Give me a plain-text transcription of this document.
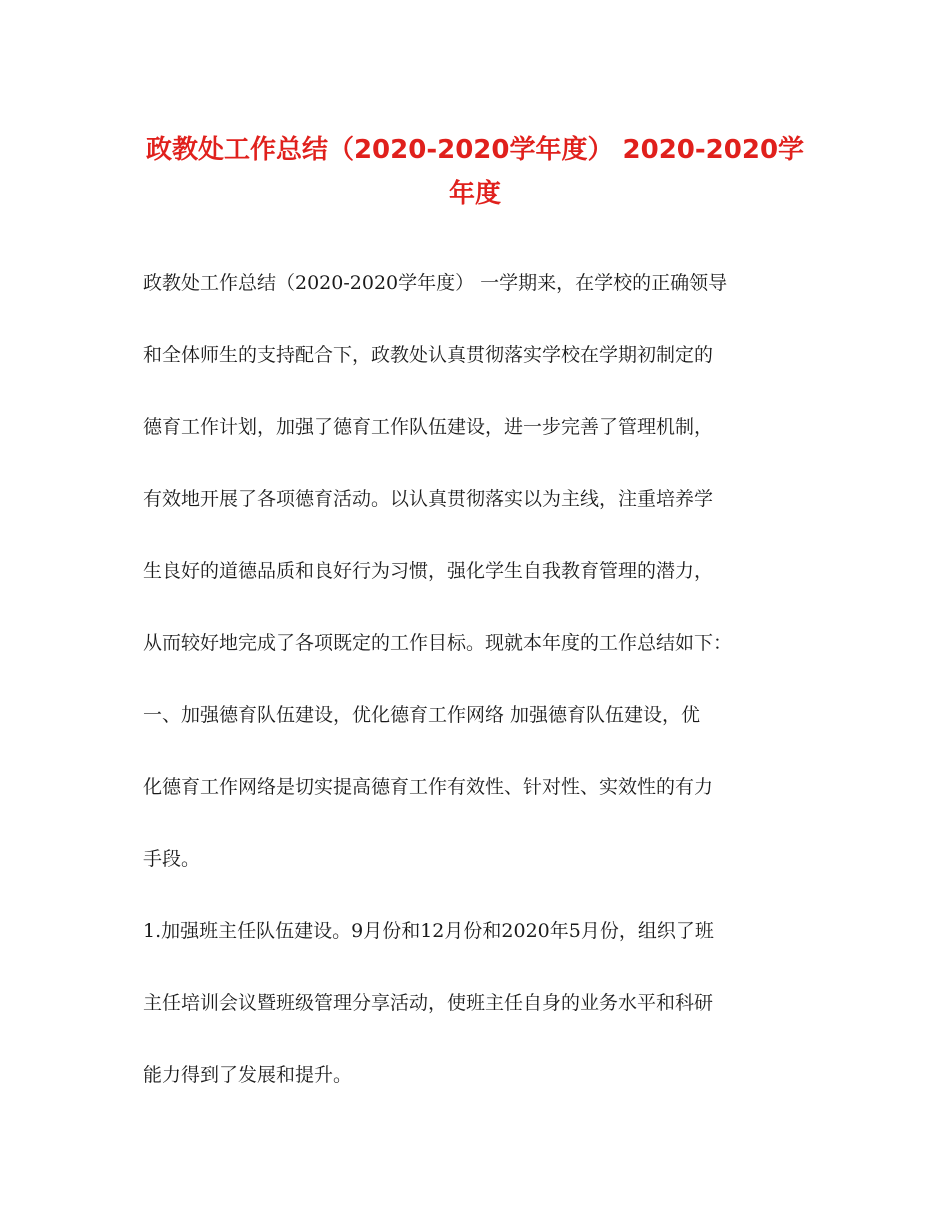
政教处工作总结（2020-2020学年度） 2020-2020学年度
政教处工作总结（2020-2020学年度） 一学期来，在学校的正确领导
和全体师生的支持配合下，政教处认真贯彻落实学校在学期初制定的
德育工作计划，加强了德育工作队伍建设，进一步完善了管理机制，
有效地开展了各项德育活动。以认真贯彻落实以为主线，注重培养学
生良好的道德品质和良好行为习惯，强化学生自我教育管理的潜力，
从而较好地完成了各项既定的工作目标。现就本年度的工作总结如下：
一、加强德育队伍建设，优化德育工作网络 加强德育队伍建设，优
化德育工作网络是切实提高德育工作有效性、针对性、实效性的有力
手段。
1.加强班主任队伍建设。9月份和12月份和2020年5月份，组织了班
主任培训会议暨班级管理分享活动，使班主任自身的业务水平和科研
能力得到了发展和提升。
